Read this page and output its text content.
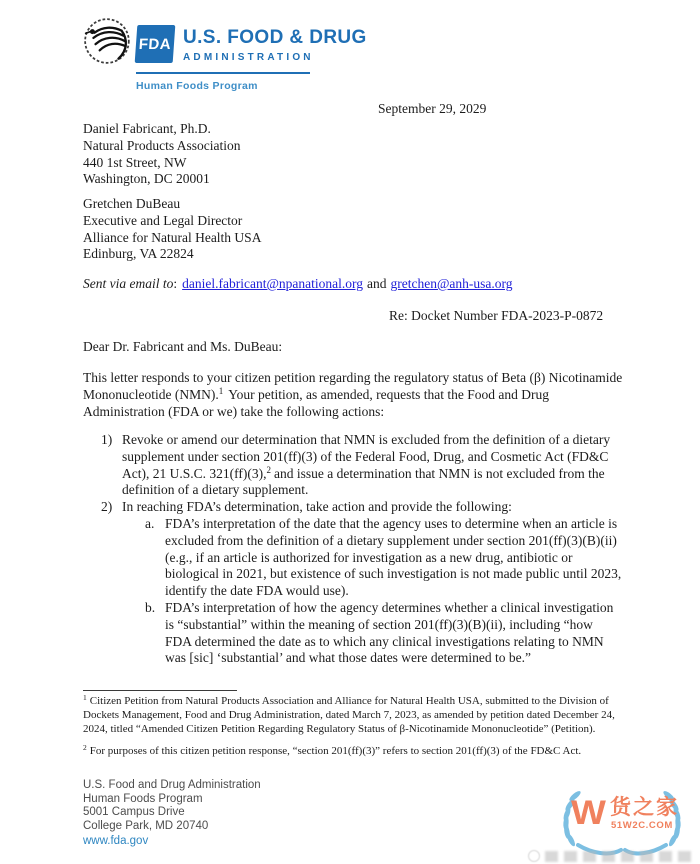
FDA U.S. FOOD & DRUG
ADMINISTRATION
Human Foods Program
September 29, 2029
Daniel Fabricant, Ph.D.
Natural Products Association
440 1st Street, NW
Washington, DC 20001
Gretchen DuBeau
Executive and Legal Director
Alliance for Natural Health USA
Edinburg, VA 22824
Sent via email to: daniel.fabricant@npanational.org and gretchen@anh-usa.org
Re: Docket Number FDA-2023-P-0872
Dear Dr. Fabricant and Ms. DuBeau:
This letter responds to your citizen petition regarding the regulatory status of Beta (β) Nicotinamide Mononucleotide (NMN).$^1$ Your petition, as amended, requests that the Food and Drug Administration (FDA or we) take the following actions:
1) Revoke or amend our determination that NMN is excluded from the definition of a dietary supplement under section 201(ff)(3) of the Federal Food, Drug, and Cosmetic Act (FD&C Act), 21 U.S.C. 321(ff)(3),$^2$ and issue a determination that NMN is not excluded from the definition of a dietary supplement.
2) In reaching FDA’s determination, take action and provide the following:
a. FDA’s interpretation of the date that the agency uses to determine when an article is excluded from the definition of a dietary supplement under section 201(ff)(3)(B)(ii) (e.g., if an article is authorized for investigation as a new drug, antibiotic or biological in 2021, but existence of such investigation is not made public until 2023, identify the date FDA would use).
b. FDA’s interpretation of how the agency determines whether a clinical investigation is “substantial” within the meaning of section 201(ff)(3)(B)(ii), including “how FDA determined the date as to which any clinical investigations relating to NMN was [sic] ‘substantial’ and what those dates were determined to be.”
$^1$ Citizen Petition from Natural Products Association and Alliance for Natural Health USA, submitted to the Division of Dockets Management, Food and Drug Administration, dated March 7, 2023, as amended by petition dated December 24, 2024, titled “Amended Citizen Petition Regarding Regulatory Status of β-Nicotinamide Mononucleotide” (Petition).
$^2$ For purposes of this citizen petition response, “section 201(ff)(3)” refers to section 201(ff)(3) of the FD&C Act.
U.S. Food and Drug Administration
Human Foods Program
5001 Campus Drive
College Park, MD 20740
www.fda.gov
W 货之家
51W2C.COM
